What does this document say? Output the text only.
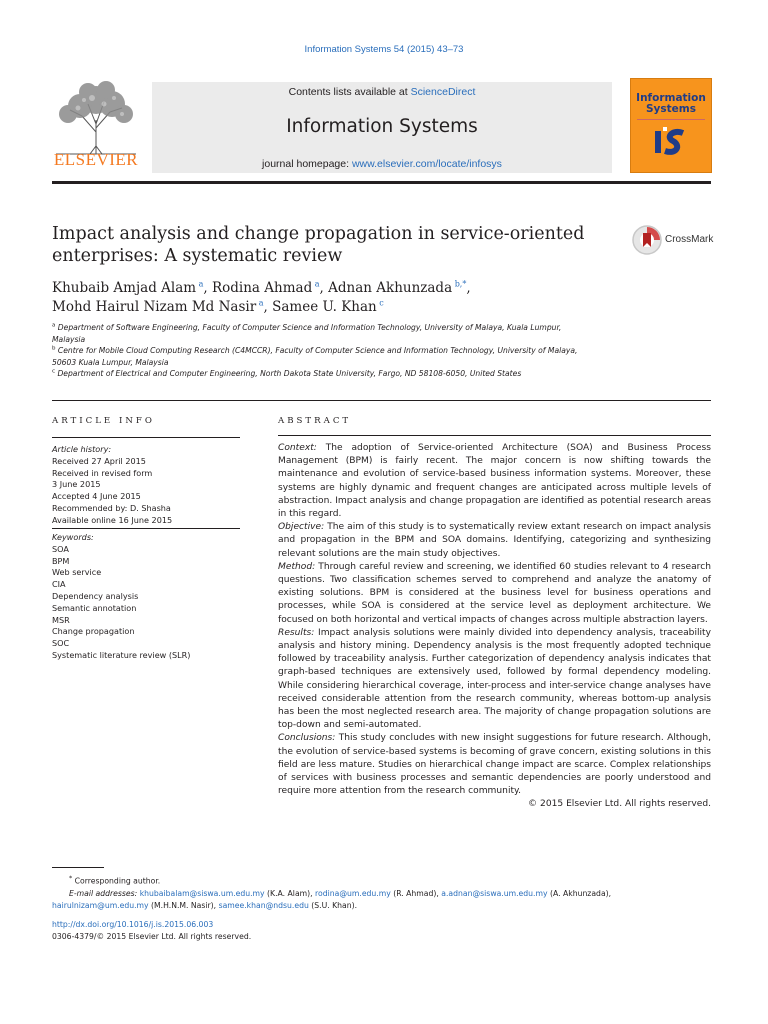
Information Systems 54 (2015) 43–73
ELSEVIER
Contents lists available at ScienceDirect
Information Systems
journal homepage: www.elsevier.com/locate/infosys
Information
Systems
Impact analysis and change propagation in service-oriented
enterprises: A systematic review
CrossMark
Khubaib Amjad Alam $^a$, Rodina Ahmad $^a$, Adnan Akhunzada $^{b,*}$,
Mohd Hairul Nizam Md Nasir $^a$, Samee U. Khan $^c$
$^a$ Department of Software Engineering, Faculty of Computer Science and Information Technology, University of Malaya, Kuala Lumpur,
Malaysia
$^b$ Centre for Mobile Cloud Computing Research (C4MCCR), Faculty of Computer Science and Information Technology, University of Malaya,
50603 Kuala Lumpur, Malaysia
$^c$ Department of Electrical and Computer Engineering, North Dakota State University, Fargo, ND 58108-6050, United States
ARTICLE INFO
Article history:
Received 27 April 2015
Received in revised form
3 June 2015
Accepted 4 June 2015
Recommended by: D. Shasha
Available online 16 June 2015
Keywords:
SOA
BPM
Web service
CIA
Dependency analysis
Semantic annotation
MSR
Change propagation
SOC
Systematic literature review (SLR)
ABSTRACT

Context: The adoption of Service-oriented Architecture (SOA) and Business Process Management (BPM) is fairly recent. The major concern is now shifting towards the maintenance and evolution of service-based business information systems. Moreover, these systems are highly dynamic and frequent changes are anticipated across multiple levels of abstraction. Impact analysis and change propagation are identified as potential research areas in this regard.

Objective: The aim of this study is to systematically review extant research on impact analysis and propagation in the BPM and SOA domains. Identifying, categorizing and synthesizing relevant solutions are the main study objectives.

Method: Through careful review and screening, we identified 60 studies relevant to 4 research questions. Two classification schemes served to comprehend and analyze the anatomy of existing solutions. BPM is considered at the business level for business operations and processes, while SOA is considered at the service level as deployment architecture. We focused on both horizontal and vertical impacts of changes across multiple abstraction layers.

Results: Impact analysis solutions were mainly divided into dependency analysis, traceability analysis and history mining. Dependency analysis is the most frequently adopted technique followed by traceability analysis. Further categorization of dependency analysis indicates that graph-based techniques are extensively used, followed by formal dependency modeling. While considering hierarchical coverage, inter-process and inter-service change analyses have received considerable attention from the research community, whereas bottom-up analysis has been the most neglected research area. The majority of change propagation solutions are top-down and semi-automated.

Conclusions: This study concludes with new insight suggestions for future research. Although, the evolution of service-based systems is becoming of grave concern, existing solutions in this field are less mature. Studies on hierarchical change impact are scarce. Complex relationships of services with business processes and semantic dependencies are poorly understood and require more attention from the research community.

© 2015 Elsevier Ltd. All rights reserved.

* Corresponding author.
E-mail addresses: khubaibalam@siswa.um.edu.my (K.A. Alam), rodina@um.edu.my (R. Ahmad), a.adnan@siswa.um.edu.my (A. Akhunzada),
hairulnizam@um.edu.my (M.H.N.M. Nasir), samee.khan@ndsu.edu (S.U. Khan).
http://dx.doi.org/10.1016/j.is.2015.06.003
0306-4379/© 2015 Elsevier Ltd. All rights reserved.
